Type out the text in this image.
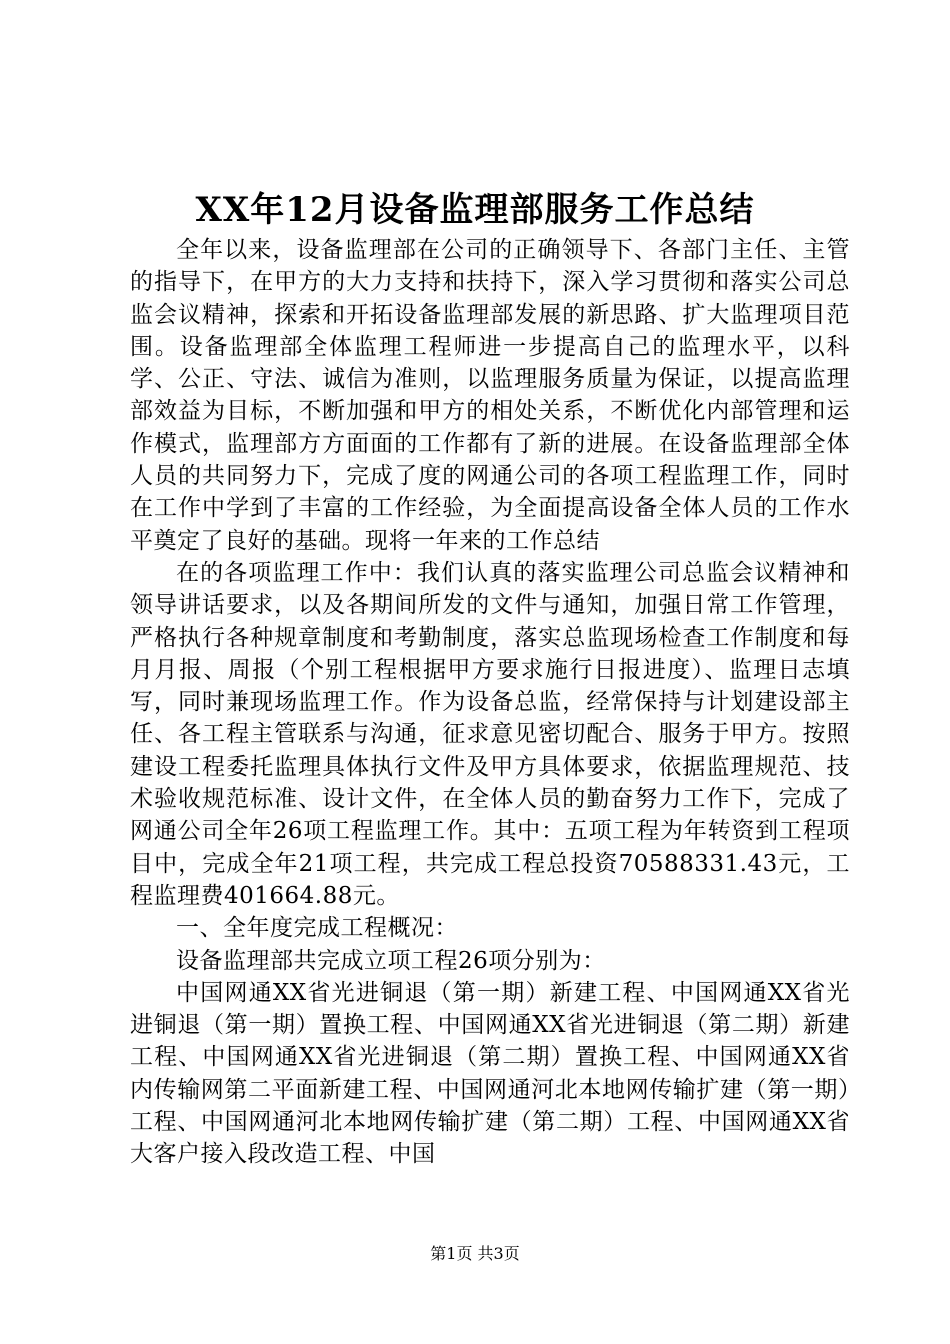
XX年12月设备监理部服务工作总结

全年以来，设备监理部在公司的正确领导下、各部门主任、主管的指导下，在甲方的大力支持和扶持下，深入学习贯彻和落实公司总监会议精神，探索和开拓设备监理部发展的新思路、扩大监理项目范围。设备监理部全体监理工程师进一步提高自己的监理水平，以科学、公正、守法、诚信为准则，以监理服务质量为保证，以提高监理部效益为目标，不断加强和甲方的相处关系，不断优化内部管理和运作模式，监理部方方面面的工作都有了新的进展。在设备监理部全体人员的共同努力下，完成了度的网通公司的各项工程监理工作，同时在工作中学到了丰富的工作经验，为全面提高设备全体人员的工作水平奠定了良好的基础。现将一年来的工作总结

在的各项监理工作中：我们认真的落实监理公司总监会议精神和领导讲话要求，以及各期间所发的文件与通知，加强日常工作管理，严格执行各种规章制度和考勤制度，落实总监现场检查工作制度和每月月报、周报（个别工程根据甲方要求施行日报进度）、监理日志填写，同时兼现场监理工作。作为设备总监，经常保持与计划建设部主任、各工程主管联系与沟通，征求意见密切配合、服务于甲方。按照建设工程委托监理具体执行文件及甲方具体要求，依据监理规范、技术验收规范标准、设计文件，在全体人员的勤奋努力工作下，完成了网通公司全年26项工程监理工作。其中：五项工程为年转资到工程项目中，完成全年21项工程，共完成工程总投资70588331.43元，工程监理费401664.88元。

一、全年度完成工程概况：

设备监理部共完成立项工程26项分别为：

中国网通XX省光进铜退（第一期）新建工程、中国网通XX省光进铜退（第一期）置换工程、中国网通XX省光进铜退（第二期）新建工程、中国网通XX省光进铜退（第二期）置换工程、中国网通XX省内传输网第二平面新建工程、中国网通河北本地网传输扩建（第一期）工程、中国网通河北本地网传输扩建（第二期）工程、中国网通XX省大客户接入段改造工程、中国

第1页 共3页
